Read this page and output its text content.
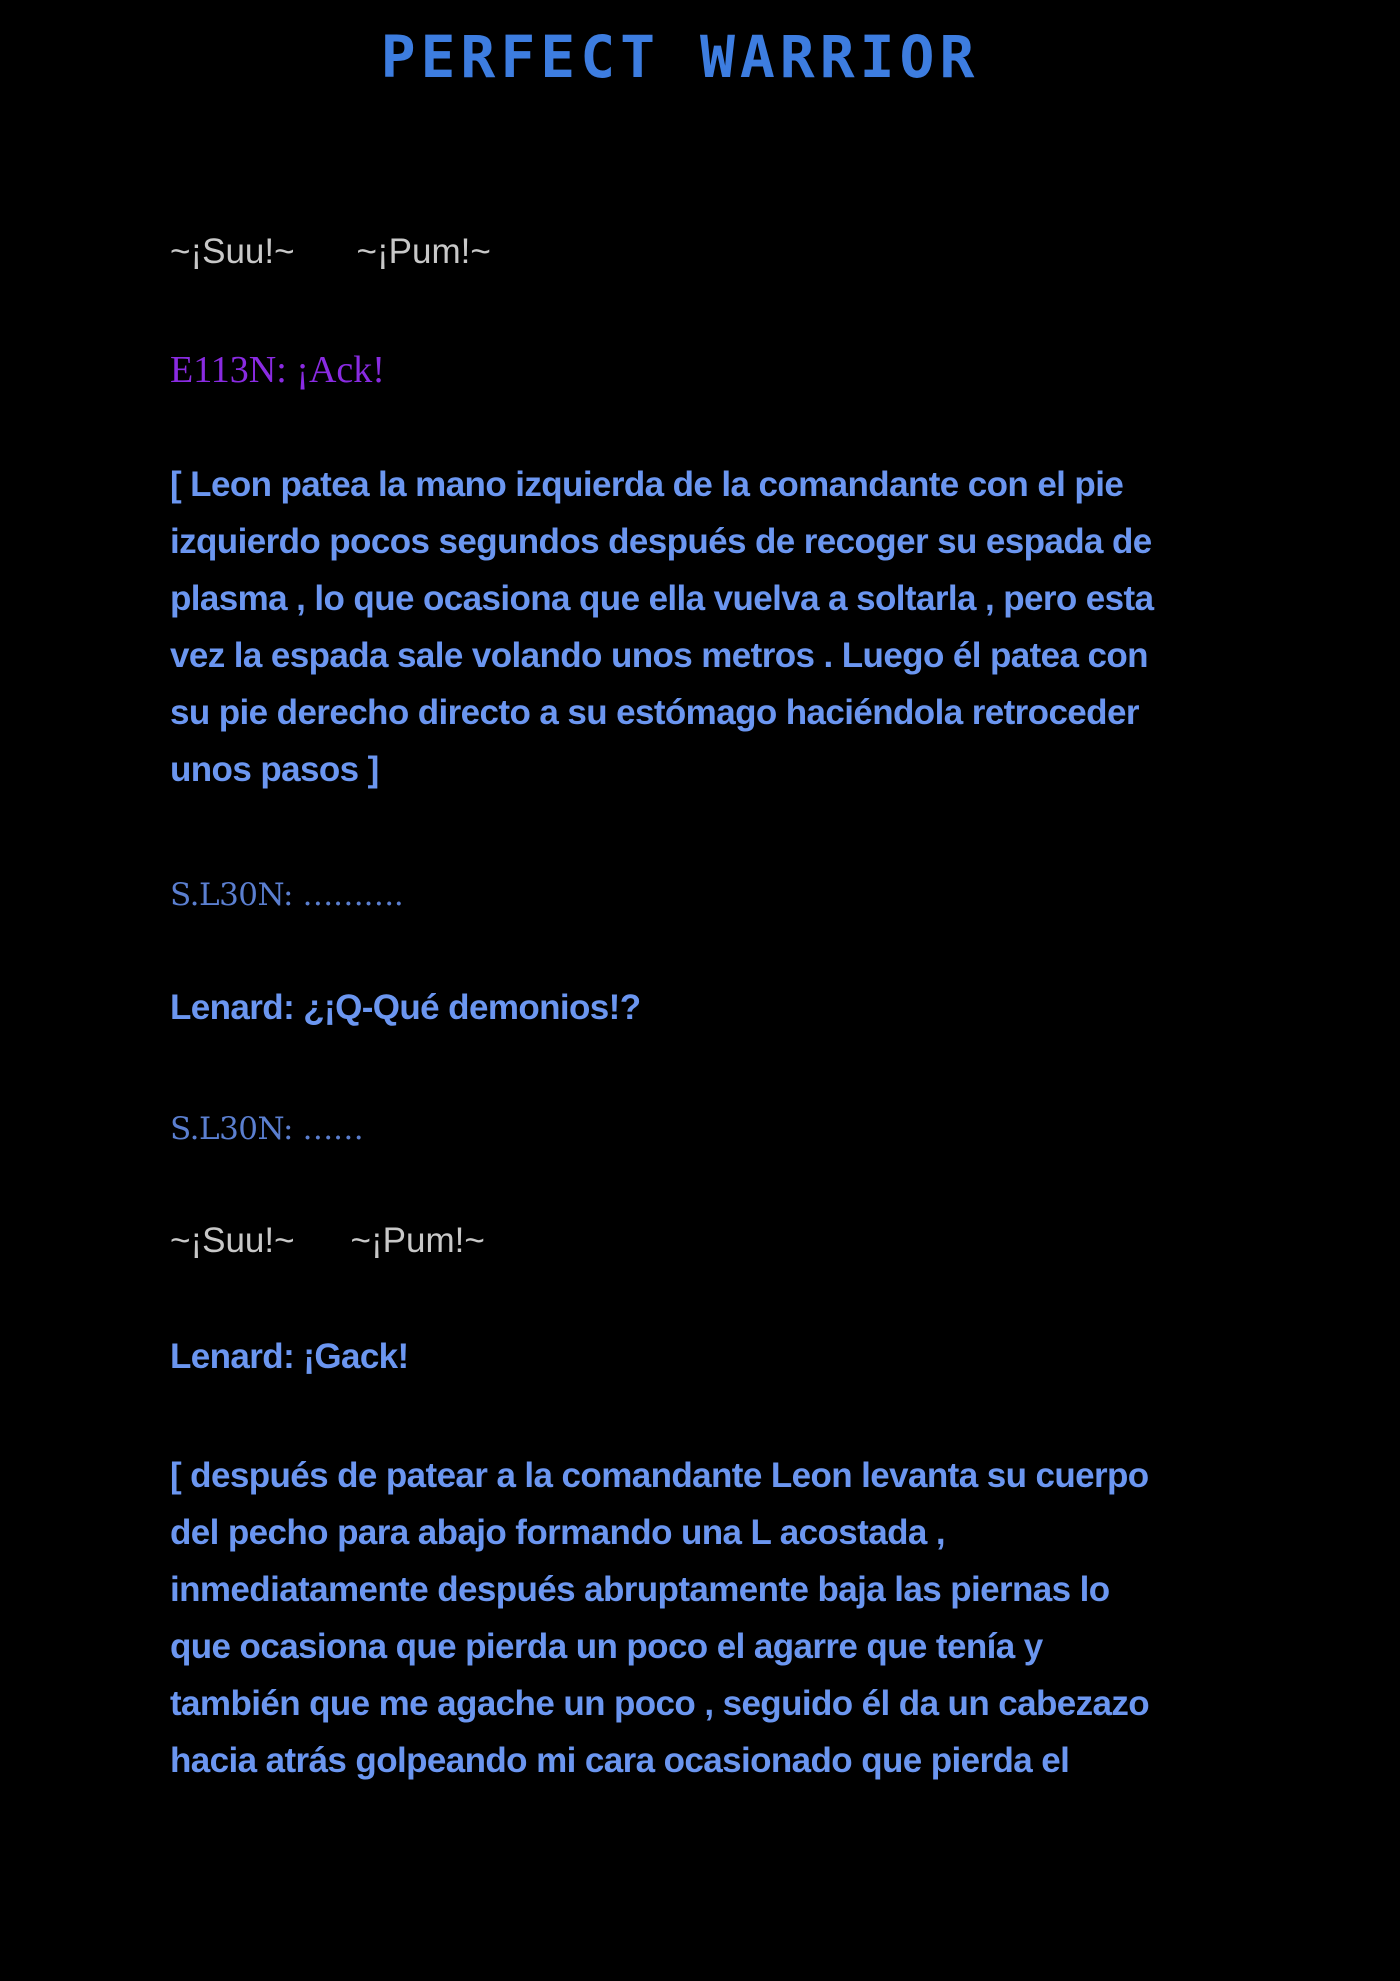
PERFECT WARRIOR
~¡Suu!~ ~¡Pum!~
E113N: ¡Ack!
[ Leon patea la mano izquierda de la comandante con el pie
izquierdo pocos segundos después de recoger su espada de
plasma , lo que ocasiona que ella vuelva a soltarla , pero esta
vez la espada sale volando unos metros . Luego él patea con
su pie derecho directo a su estómago haciéndola retroceder
unos pasos ]
S.L30N: ……….
Lenard: ¿¡Q-Qué demonios!?
S.L30N: ……
~¡Suu!~ ~¡Pum!~
Lenard: ¡Gack!
[ después de patear a la comandante Leon levanta su cuerpo
del pecho para abajo formando una L acostada ,
inmediatamente después abruptamente baja las piernas lo
que ocasiona que pierda un poco el agarre que tenía y
también que me agache un poco , seguido él da un cabezazo
hacia atrás golpeando mi cara ocasionado que pierda el
